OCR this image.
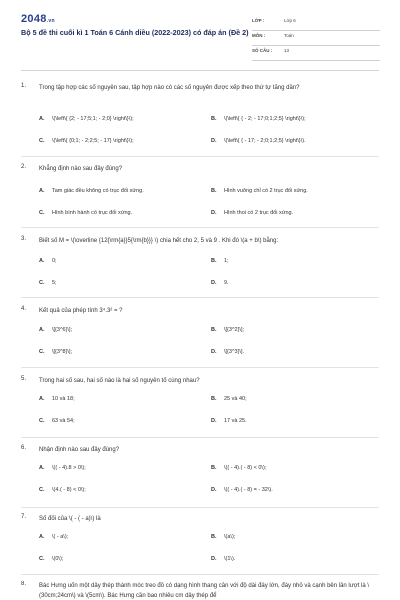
2048.vn
Bộ 5 đề thi cuối kì 1 Toán 6 Cánh diều (2022-2023) có đáp án (Đề 2)
LỚP :	Lớp 6
MÔN :	Toán
SỐ CÂU :	13
1. Trong tập hợp các số nguyên sau, tập hợp nào có các số nguyên được xếp theo thứ tự tăng dần?
A. \(\left\{ {2; - 17;5;1; - 2;0} \right\}\);	B. \(\left\{ { - 2; - 17;0;1;2;5} \right\}\);
C. \(\left\{ {0;1; - 2;2;5; - 17} \right\}\);	D. \(\left\{ { - 17; - 2;0;1;2;5} \right\}\).
2. Khẳng định nào sau đây đúng?
A. Tam giác đều không có trục đối xứng.	B. Hình vuông chỉ có 2 trục đối xứng.
C. Hình bình hành có trục đối xứng.	D. Hình thoi có 2 trục đối xứng.
3. Biết số M = \(\overline {12{\rm{a}}5{\rm{b}}} \) chia hết cho 2, 5 và 9 . Khi đó \(a + b\) bằng:
A. 0;	B. 1;
C. 5;	D. 9.
4. Kết quả của phép tính 3⁴.3² = ?
A. \[{3^6}\];	B. \[{3^2}\];
C. \[{3^8}\];	D. \[{3^3}\].
5. Trong hai số sau, hai số nào là hai số nguyên tố cùng nhau?
A. 10 và 18;	B. 25 và 40;
C. 63 và 54;	D. 17 và 25.
6. Nhận định nào sau đây đúng?
A. \(( - 4).8 > 0\);	B. \(( - 4).( - 8) < 0\);
C. \(4.( - 8) < 0\);	D. \(( - 4).( - 8) = - 32\).
7. Số đối của \( - ( - a)\) là
A. \( - a\);	B. \(a\);
C. \(0\);	D. \(1\).
8. Bác Hưng uốn một dây thép thành móc treo đồ có dạng hình thang cân với độ dài đáy lớn, đáy nhỏ và cạnh bên lần lượt là \(30cm;24cm\) và \(5cm\). Bác Hưng cần bao nhiêu cm dây thép để
